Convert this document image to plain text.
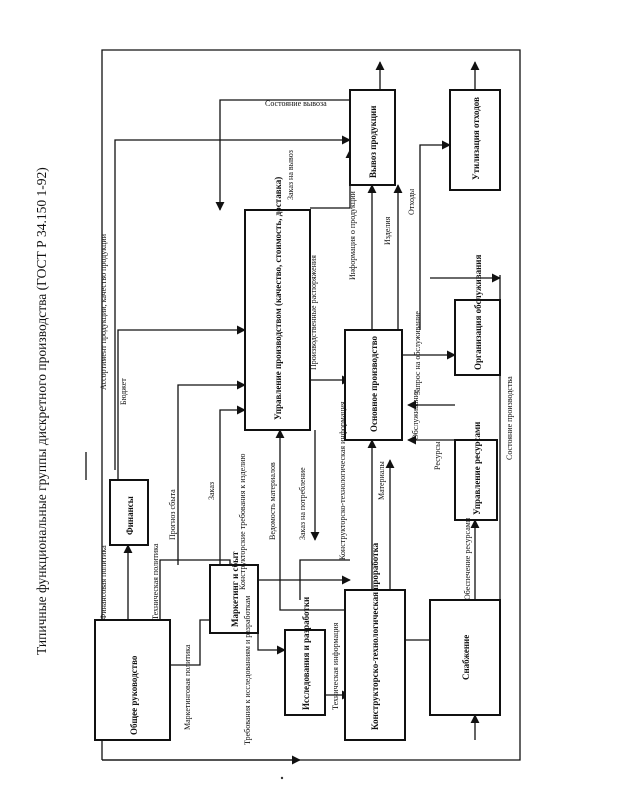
Типичные функциональные группы дискретного производства (ГОСТ Р 34.150 1-92)
Общее руководство
Финансы
Маркетинг и сбыт
Исследования и разработки	Конструкторско-технологическая проработка	Снабжение
Управление производством (качество, стоимость, доставка)	Основное производство
Управление ресурсами
Организация обслуживания
Вывоз продукции	Утилизация отходов
Финансовая политика	Техническая политика
Маркетинговая политика
Прогноз сбыта
Бюджет
Ассортимент продукции, качество продукции
Требования к исследованиям и разработкам	Техническая информация
Заказ	Конструкторские требования к изделию	Ведомость материалов	Заказ на потребление	Конструкторско-технологическая информация
Производственные распоряжения
Заказ на вывоз
Состояние вывоза
Информация о продукции	Изделия
Отходы
Запрос на обслуживание
Обслуживание
Ресурсы
Материалы
Обеспечение ресурсами
Состояние производства
